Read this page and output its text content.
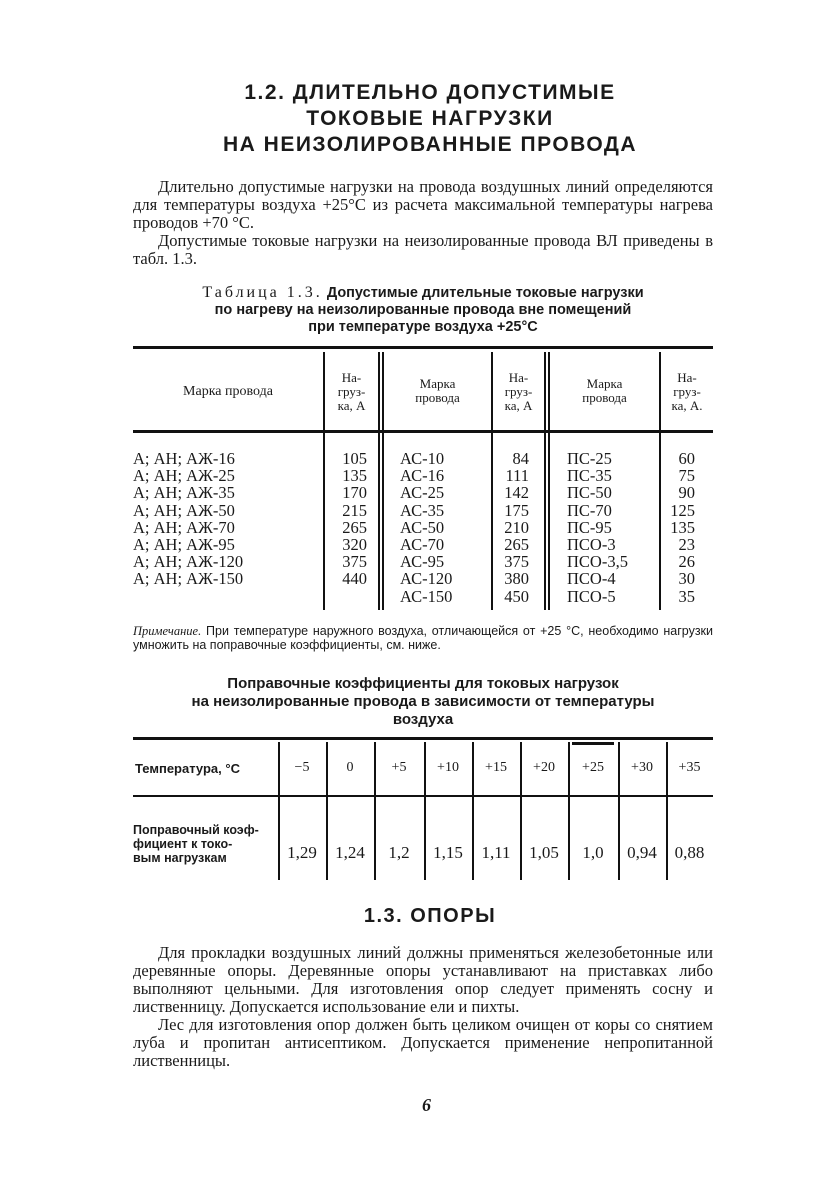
1.2. ДЛИТЕЛЬНО ДОПУСТИМЫЕ
ТОКОВЫЕ НАГРУЗКИ
НА НЕИЗОЛИРОВАННЫЕ ПРОВОДА

Длительно допустимые нагрузки на провода воздушных линий определяются для температуры воздуха +25°С из расчета максимальной температуры нагрева проводов +70 °С.

Допустимые токовые нагрузки на неизолированные провода ВЛ приведены в табл. 1.3.

Таблица 1.3. Допустимые длительные токовые нагрузки
по нагреву на неизолированные провода вне помещений
при температуре воздуха +25°С
Марка провода
На-
груз-
ка, А
Марка
провода
На-
груз-
ка, А
Марка
провода
На-
груз-
ка, А.
А; АН; АЖ-16
А; АН; АЖ-25
А; АН; АЖ-35
А; АН; АЖ-50
А; АН; АЖ-70
А; АН; АЖ-95
А; АН; АЖ-120
А; АН; АЖ-150
105
135
170
215
265
320
375
440
АС-10
АС-16
АС-25
АС-35
АС-50
АС-70
АС-95
АС-120
АС-150
84
111
142
175
210
265
375
380
450
ПС-25
ПС-35
ПС-50
ПС-70
ПС-95
ПСО-3
ПСО-3,5
ПСО-4
ПСО-5
60
75
90
125
135
23
26
30
35
Примечание. При температуре наружного воздуха, отличающейся от +25 °С, необходимо нагрузки умножить на поправочные коэффициенты, см. ниже.
Поправочные коэффициенты для токовых нагрузок
на неизолированные провода в зависимости от температуры
воздуха
Температура, °С
Поправочный коэф-
фициент к токо-
вым нагрузкам
−5
1,29
0
1,24
+5
1,2
+10
1,15
+15
1,11
+20
1,05
+25
1,0
+30
0,94
+35
0,88
1.3. ОПОРЫ

Для прокладки воздушных линий должны применяться железобетонные или деревянные опоры. Деревянные опоры устанавливают на приставках либо выполняют цельными. Для изготовления опор следует применять сосну и лиственницу. Допускается использование ели и пихты.

Лес для изготовления опор должен быть целиком очищен от коры со снятием луба и пропитан антисептиком. Допускается применение непропитанной лиственницы.

6
